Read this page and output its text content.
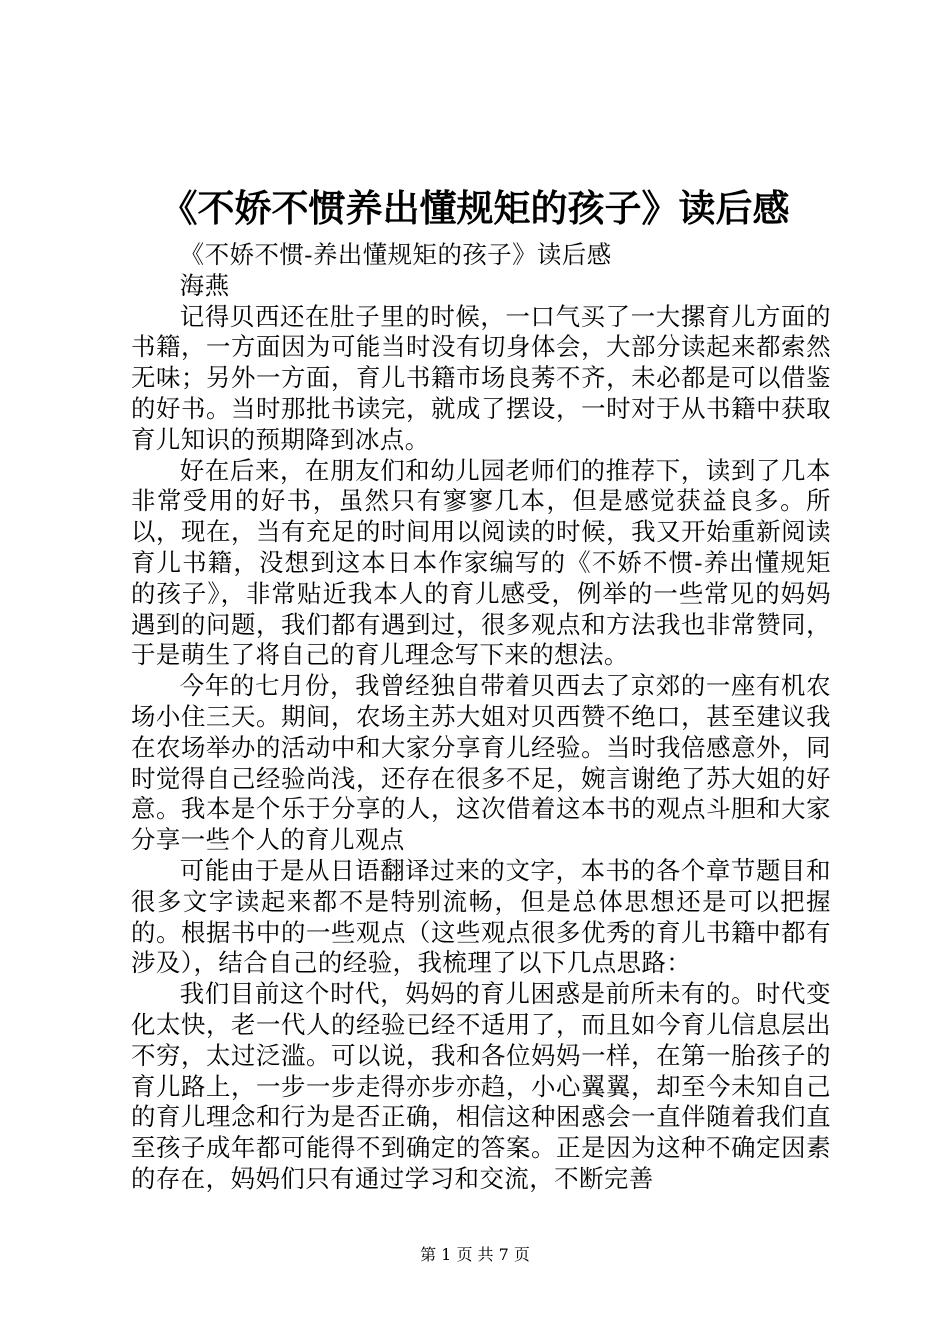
《不娇不惯养出懂规矩的孩子》读后感

《不娇不惯-养出懂规矩的孩子》读后感

海燕

记得贝西还在肚子里的时候，一口气买了一大摞育儿方面的书籍，一方面因为可能当时没有切身体会，大部分读起来都索然无味；另外一方面，育儿书籍市场良莠不齐，未必都是可以借鉴的好书。当时那批书读完，就成了摆设，一时对于从书籍中获取育儿知识的预期降到冰点。

好在后来，在朋友们和幼儿园老师们的推荐下，读到了几本非常受用的好书，虽然只有寥寥几本，但是感觉获益良多。所以，现在，当有充足的时间用以阅读的时候，我又开始重新阅读育儿书籍，没想到这本日本作家编写的《不娇不惯-养出懂规矩的孩子》，非常贴近我本人的育儿感受，例举的一些常见的妈妈遇到的问题，我们都有遇到过，很多观点和方法我也非常赞同，于是萌生了将自己的育儿理念写下来的想法。

今年的七月份，我曾经独自带着贝西去了京郊的一座有机农场小住三天。期间，农场主苏大姐对贝西赞不绝口，甚至建议我在农场举办的活动中和大家分享育儿经验。当时我倍感意外，同时觉得自己经验尚浅，还存在很多不足，婉言谢绝了苏大姐的好意。我本是个乐于分享的人，这次借着这本书的观点斗胆和大家分享一些个人的育儿观点

可能由于是从日语翻译过来的文字，本书的各个章节题目和很多文字读起来都不是特别流畅，但是总体思想还是可以把握的。根据书中的一些观点（这些观点很多优秀的育儿书籍中都有涉及），结合自己的经验，我梳理了以下几点思路：

我们目前这个时代，妈妈的育儿困惑是前所未有的。时代变化太快，老一代人的经验已经不适用了，而且如今育儿信息层出不穷，太过泛滥。可以说，我和各位妈妈一样，在第一胎孩子的育儿路上，一步一步走得亦步亦趋，小心翼翼，却至今未知自己的育儿理念和行为是否正确，相信这种困惑会一直伴随着我们直至孩子成年都可能得不到确定的答案。正是因为这种不确定因素的存在，妈妈们只有通过学习和交流，不断完善

第 1 页 共 7 页
